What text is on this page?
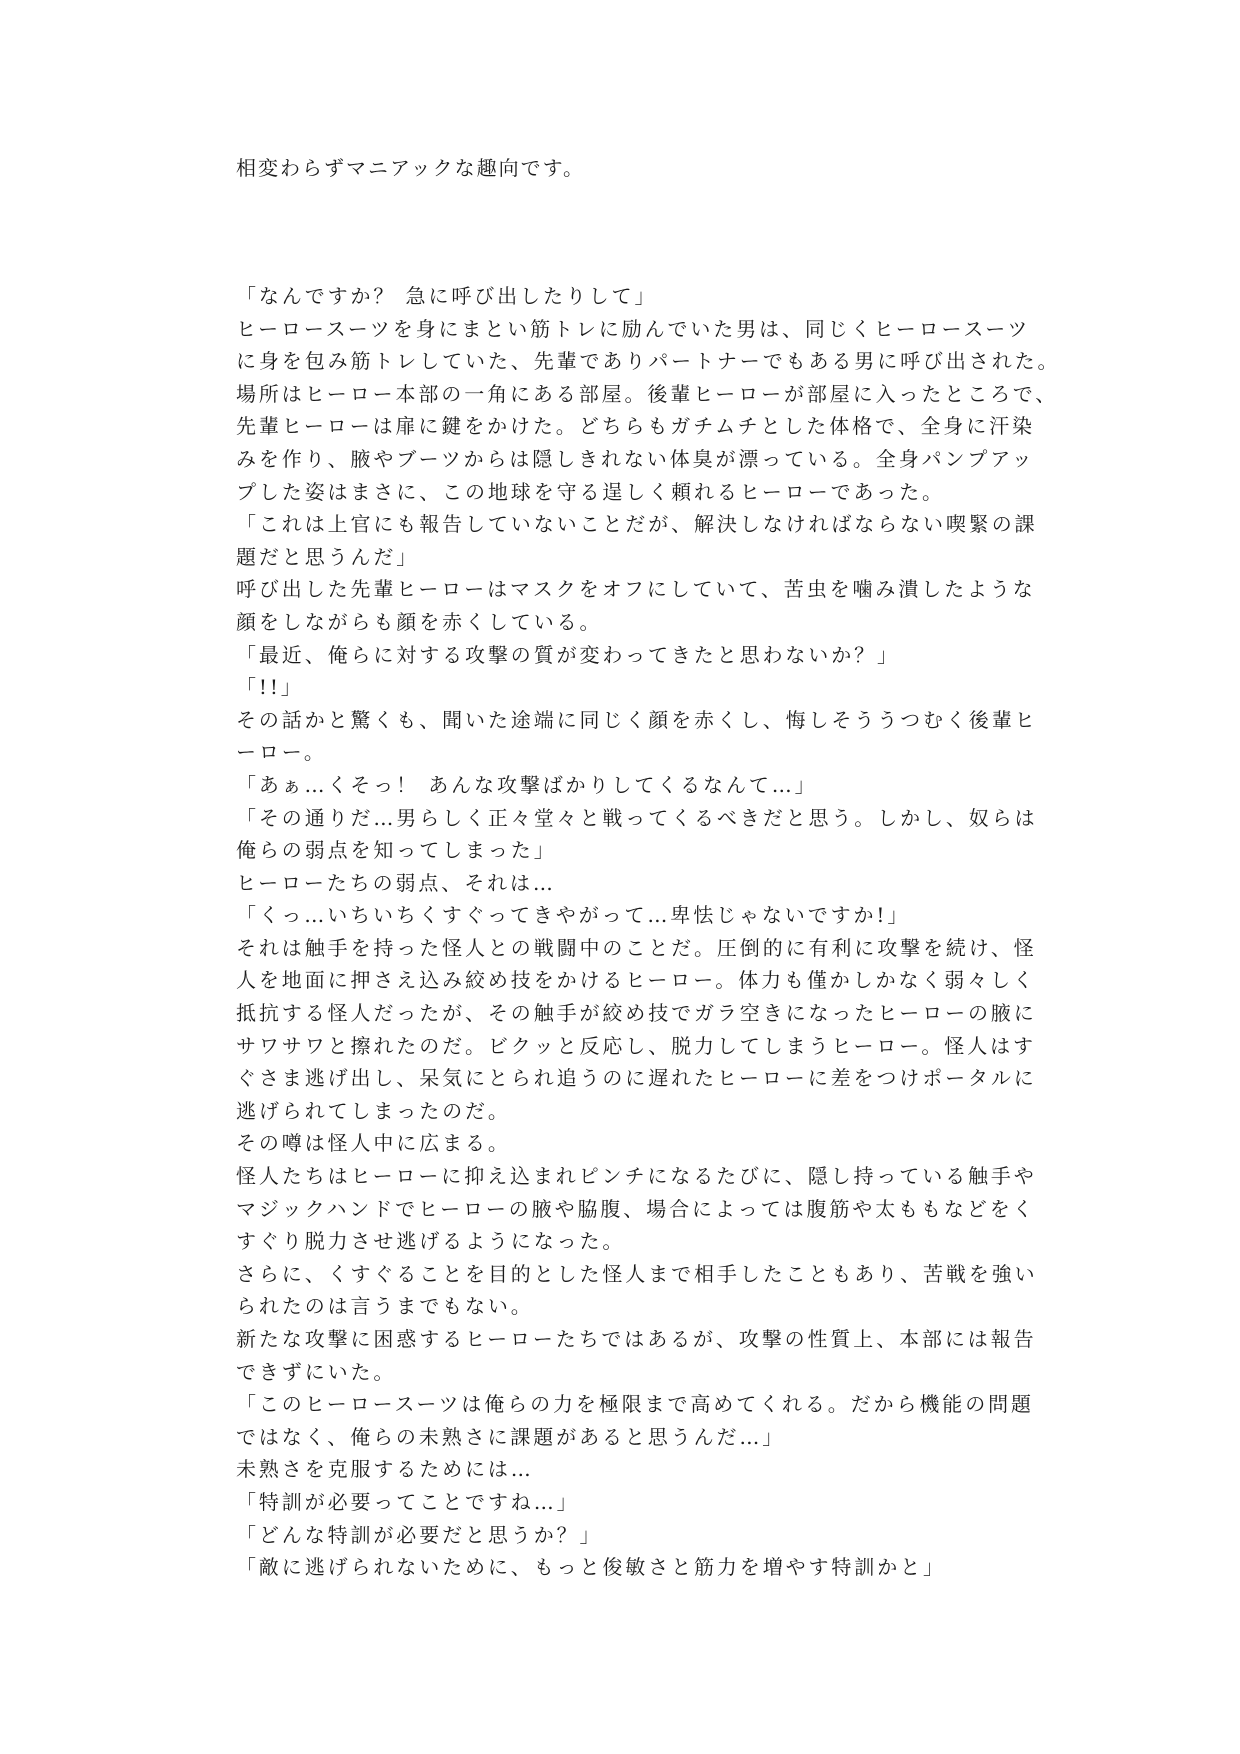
相変わらずマニアックな趣向です。
「なんですか？ 急に呼び出したりして」
ヒーロースーツを身にまとい筋トレに励んでいた男は、同じくヒーロースーツ
に身を包み筋トレしていた、先輩でありパートナーでもある男に呼び出された。
場所はヒーロー本部の一角にある部屋。後輩ヒーローが部屋に入ったところで、
先輩ヒーローは扉に鍵をかけた。どちらもガチムチとした体格で、全身に汗染
みを作り、腋やブーツからは隠しきれない体臭が漂っている。全身パンプアッ
プした姿はまさに、この地球を守る逞しく頼れるヒーローであった。
「これは上官にも報告していないことだが、解決しなければならない喫緊の課
題だと思うんだ」
呼び出した先輩ヒーローはマスクをオフにしていて、苦虫を噛み潰したような
顔をしながらも顔を赤くしている。
「最近、俺らに対する攻撃の質が変わってきたと思わないか？」
「!!」
その話かと驚くも、聞いた途端に同じく顔を赤くし、悔しそううつむく後輩ヒ
ーロー。
「あぁ…くそっ！ あんな攻撃ばかりしてくるなんて…」
「その通りだ…男らしく正々堂々と戦ってくるべきだと思う。しかし、奴らは
俺らの弱点を知ってしまった」
ヒーローたちの弱点、それは…
「くっ…いちいちくすぐってきやがって…卑怯じゃないですか!」
それは触手を持った怪人との戦闘中のことだ。圧倒的に有利に攻撃を続け、怪
人を地面に押さえ込み絞め技をかけるヒーロー。体力も僅かしかなく弱々しく
抵抗する怪人だったが、その触手が絞め技でガラ空きになったヒーローの腋に
サワサワと擦れたのだ。ビクッと反応し、脱力してしまうヒーロー。怪人はす
ぐさま逃げ出し、呆気にとられ追うのに遅れたヒーローに差をつけポータルに
逃げられてしまったのだ。
その噂は怪人中に広まる。
怪人たちはヒーローに抑え込まれピンチになるたびに、隠し持っている触手や
マジックハンドでヒーローの腋や脇腹、場合によっては腹筋や太ももなどをく
すぐり脱力させ逃げるようになった。
さらに、くすぐることを目的とした怪人まで相手したこともあり、苦戦を強い
られたのは言うまでもない。
新たな攻撃に困惑するヒーローたちではあるが、攻撃の性質上、本部には報告
できずにいた。
「このヒーロースーツは俺らの力を極限まで高めてくれる。だから機能の問題
ではなく、俺らの未熟さに課題があると思うんだ…」
未熟さを克服するためには…
「特訓が必要ってことですね…」
「どんな特訓が必要だと思うか？」
「敵に逃げられないために、もっと俊敏さと筋力を増やす特訓かと」
